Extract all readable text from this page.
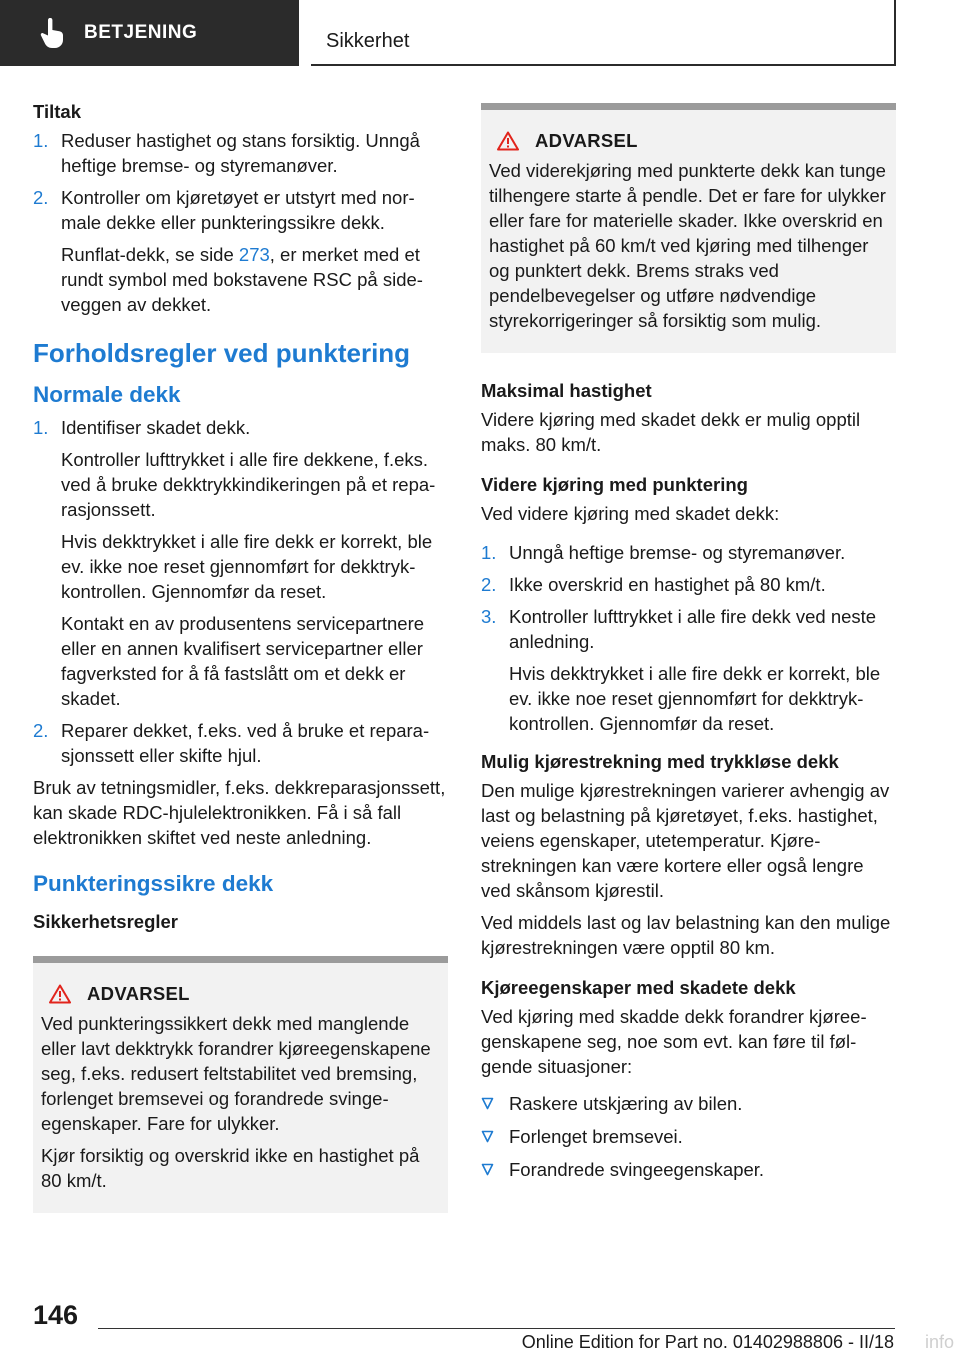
BETJENING	Sikkerhet
Tiltak
1. Reduser hastighet og stans forsiktig. Unngå heftige bremse- og styremanøver.
2. Kontroller om kjøretøyet er utstyrt med normale dekke eller punkteringssikre dekk.
Runflat-dekk, se side 273, er merket med et rundt symbol med bokstavene RSC på sideveggen av dekket.
Forholdsregler ved punktering
Normale dekk
1. Identifiser skadet dekk.
Kontroller lufttrykket i alle fire dekkene, f.eks. ved å bruke dekktrykkindikeringen på et reparasjonssett.
Hvis dekktrykket i alle fire dekk er korrekt, ble ev. ikke noe reset gjennomført for dekktrykkontrollen. Gjennomfør da reset.
Kontakt en av produsentens servicepartnere eller en annen kvalifisert servicepartner eller fagverksted for å få fastslått om et dekk er skadet.
2. Reparer dekket, f.eks. ved å bruke et reparasjonssett eller skifte hjul.

Bruk av tetningsmidler, f.eks. dekkreparasjonssett, kan skade RDC-hjulelektronikken. Få i så fall elektronikken skiftet ved neste anledning.

Punkteringssikre dekk
Sikkerhetsregler
ADVARSEL

Ved punkteringssikkert dekk med manglende eller lavt dekktrykk forandrer kjøreegenskapene seg, f.eks. redusert feltstabilitet ved bremsing, forlenget bremsevei og forandrede svingeegenskaper. Fare for ulykker.

Kjør forsiktig og overskrid ikke en hastighet på 80 km/t.

ADVARSEL

Ved viderekjøring med punkterte dekk kan tunge tilhengere starte å pendle. Det er fare for ulykker eller fare for materielle skader. Ikke overskrid en hastighet på 60 km/t ved kjøring med tilhenger og punktert dekk. Brems straks ved pendelbevegelser og utføre nødvendige styrekorrigeringer så forsiktig som mulig.

Maksimal hastighet

Videre kjøring med skadet dekk er mulig opptil maks. 80 km/t.

Videre kjøring med punktering

Ved videre kjøring med skadet dekk:

1. Unngå heftige bremse- og styremanøver.
2. Ikke overskrid en hastighet på 80 km/t.
3. Kontroller lufttrykket i alle fire dekk ved neste anledning.
Hvis dekktrykket i alle fire dekk er korrekt, ble ev. ikke noe reset gjennomført for dekktrykkontrollen. Gjennomfør da reset.
Mulig kjørestrekning med trykkløse dekk

Den mulige kjørestrekningen varierer avhengig av last og belastning på kjøretøyet, f.eks. hastighet, veiens egenskaper, utetemperatur. Kjørestrekningen kan være kortere eller også lengre ved skånsom kjørestil.

Ved middels last og lav belastning kan den mulige kjørestrekningen være opptil 80 km.

Kjøreegenskaper med skadete dekk

Ved kjøring med skadde dekk forandrer kjøreegenskapene seg, noe som evt. kan føre til følgende situasjoner:

Raskere utskjæring av bilen.
Forlenget bremsevei.
Forandrede svingeegenskaper.
146
Online Edition for Part no. 01402988806 - II/18 info
